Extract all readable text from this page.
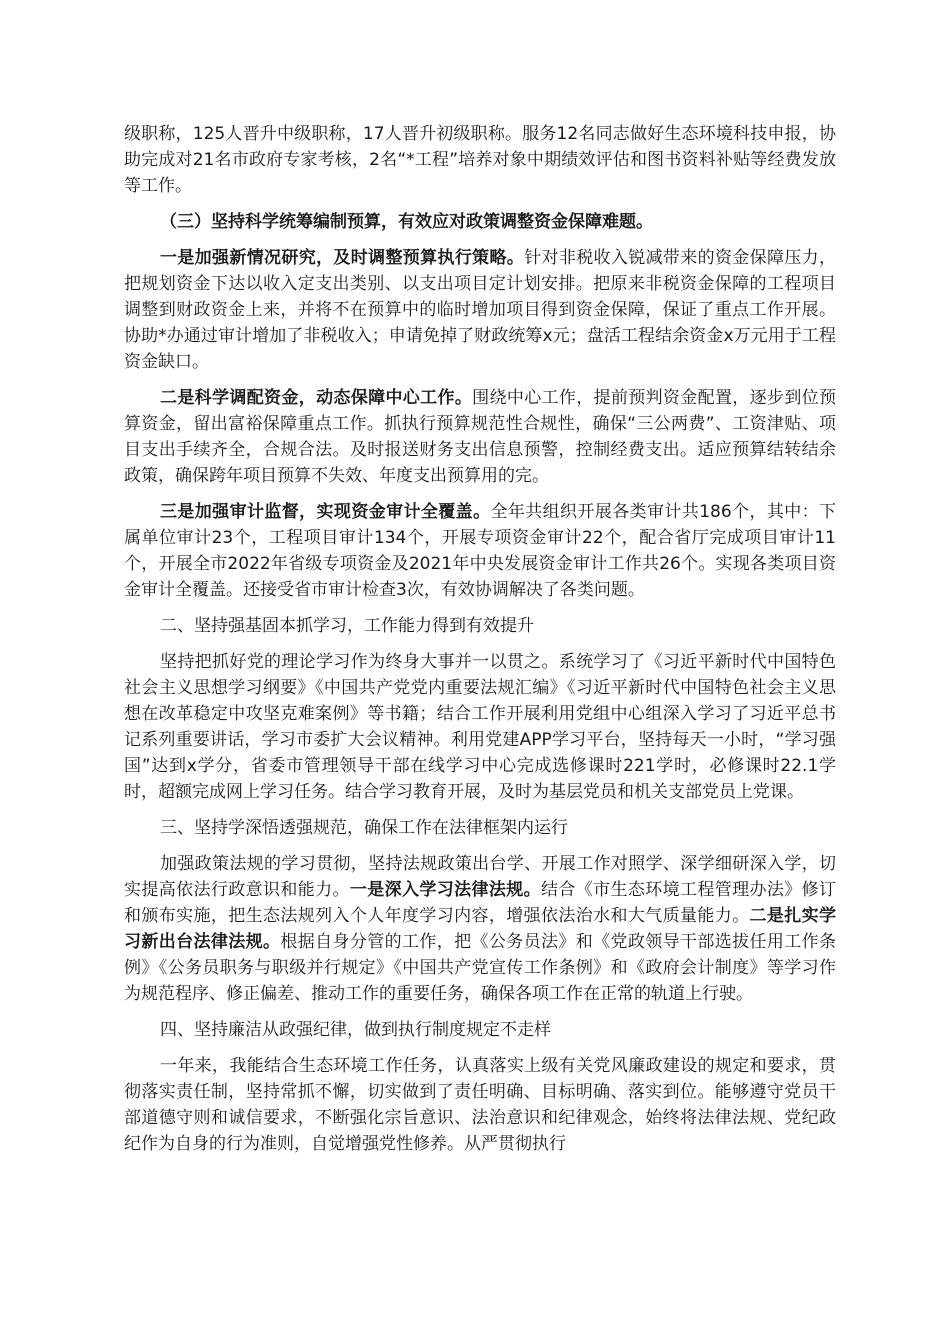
级职称，125人晋升中级职称，17人晋升初级职称。服务12名同志做好生态环境科技申报，协助完成对21名市政府专家考核，2名“*工程”培养对象中期绩效评估和图书资料补贴等经费发放等工作。

（三）坚持科学统筹编制预算，有效应对政策调整资金保障难题。

一是加强新情况研究，及时调整预算执行策略。针对非税收入锐减带来的资金保障压力，把规划资金下达以收入定支出类别、以支出项目定计划安排。把原来非税资金保障的工程项目调整到财政资金上来，并将不在预算中的临时增加项目得到资金保障，保证了重点工作开展。协助*办通过审计增加了非税收入；申请免掉了财政统筹x元；盘活工程结余资金x万元用于工程资金缺口。

二是科学调配资金，动态保障中心工作。围绕中心工作，提前预判资金配置，逐步到位预算资金，留出富裕保障重点工作。抓执行预算规范性合规性，确保“三公两费”、工资津贴、项目支出手续齐全，合规合法。及时报送财务支出信息预警，控制经费支出。适应预算结转结余政策，确保跨年项目预算不失效、年度支出预算用的完。

三是加强审计监督，实现资金审计全覆盖。全年共组织开展各类审计共186个，其中：下属单位审计23个，工程项目审计134个，开展专项资金审计22个，配合省厅完成项目审计11个，开展全市2022年省级专项资金及2021年中央发展资金审计工作共26个。实现各类项目资金审计全覆盖。还接受省市审计检查3次，有效协调解决了各类问题。

二、坚持强基固本抓学习，工作能力得到有效提升

坚持把抓好党的理论学习作为终身大事并一以贯之。系统学习了《习近平新时代中国特色社会主义思想学习纲要》《中国共产党党内重要法规汇编》《习近平新时代中国特色社会主义思想在改革稳定中攻坚克难案例》等书籍；结合工作开展利用党组中心组深入学习了习近平总书记系列重要讲话，学习市委扩大会议精神。利用党建APP学习平台，坚持每天一小时，“学习强国”达到x学分，省委市管理领导干部在线学习中心完成选修课时221学时，必修课时22.1学时，超额完成网上学习任务。结合学习教育开展，及时为基层党员和机关支部党员上党课。

三、坚持学深悟透强规范，确保工作在法律框架内运行

加强政策法规的学习贯彻，坚持法规政策出台学、开展工作对照学、深学细研深入学，切实提高依法行政意识和能力。一是深入学习法律法规。结合《市生态环境工程管理办法》修订和颁布实施，把生态法规列入个人年度学习内容，增强依法治水和大气质量能力。二是扎实学习新出台法律法规。根据自身分管的工作，把《公务员法》和《党政领导干部选拔任用工作条例》《公务员职务与职级并行规定》《中国共产党宣传工作条例》和《政府会计制度》等学习作为规范程序、修正偏差、推动工作的重要任务，确保各项工作在正常的轨道上行驶。

四、坚持廉洁从政强纪律，做到执行制度规定不走样

一年来，我能结合生态环境工作任务，认真落实上级有关党风廉政建设的规定和要求，贯彻落实责任制，坚持常抓不懈，切实做到了责任明确、目标明确、落实到位。能够遵守党员干部道德守则和诚信要求，不断强化宗旨意识、法治意识和纪律观念，始终将法律法规、党纪政纪作为自身的行为准则，自觉增强党性修养。从严贯彻执行
